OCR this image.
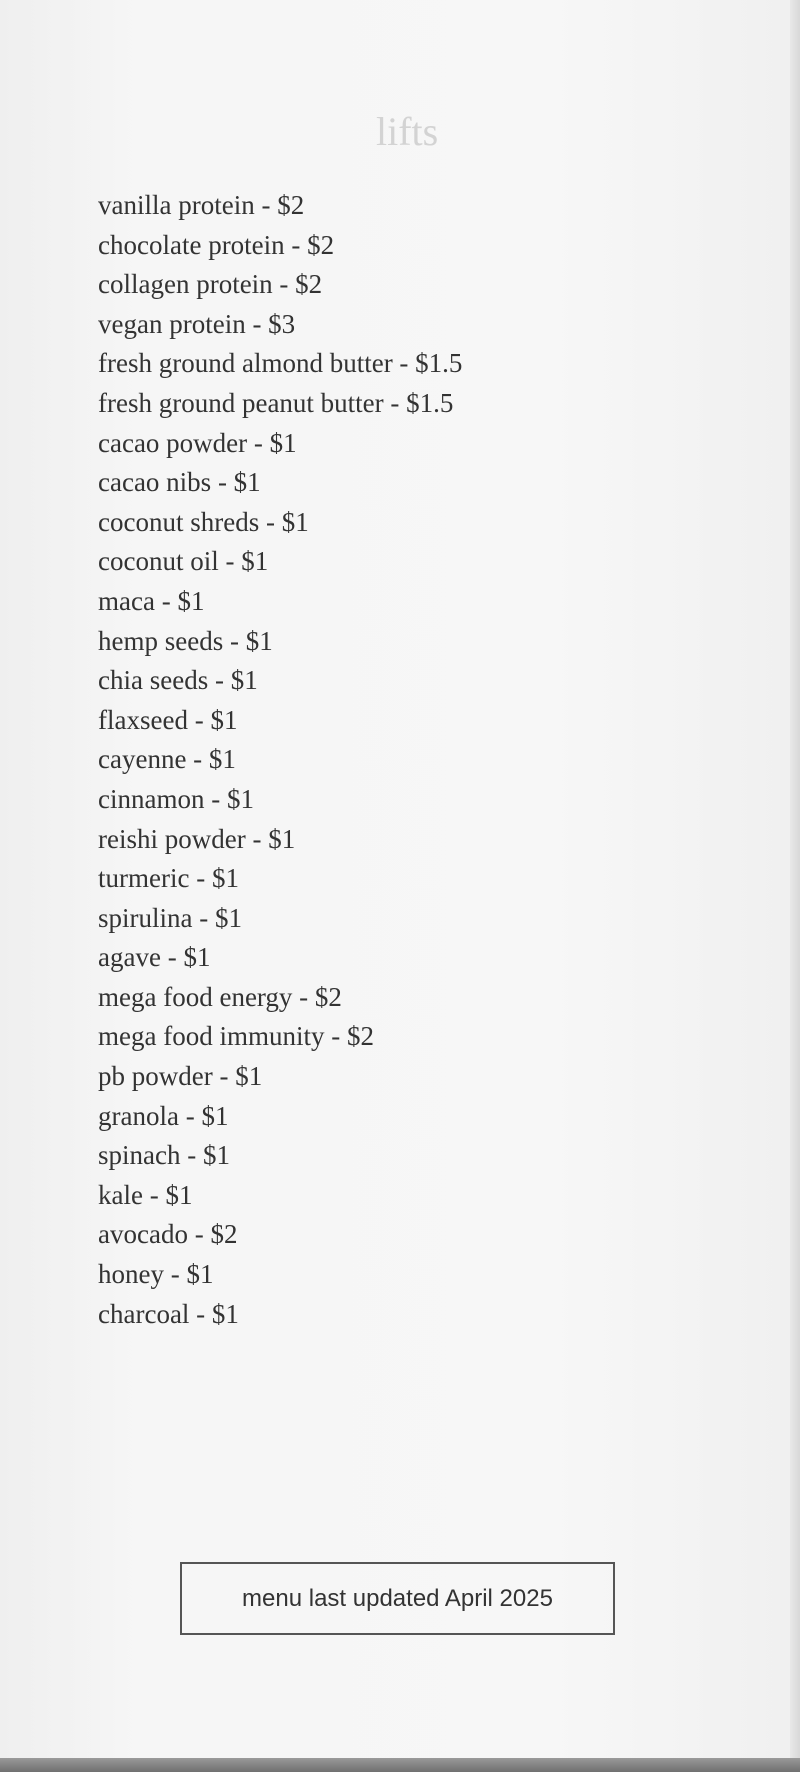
lifts
vanilla protein - $2
chocolate protein - $2
collagen protein - $2
vegan protein - $3
fresh ground almond butter - $1.5
fresh ground peanut butter - $1.5
cacao powder - $1
cacao nibs - $1
coconut shreds - $1
coconut oil - $1
maca - $1
hemp seeds - $1
chia seeds - $1
flaxseed - $1
cayenne - $1
cinnamon - $1
reishi powder - $1
turmeric - $1
spirulina - $1
agave - $1
mega food energy - $2
mega food immunity - $2
pb powder - $1
granola - $1
spinach - $1
kale - $1
avocado - $2
honey - $1
charcoal - $1
menu last updated April 2025
